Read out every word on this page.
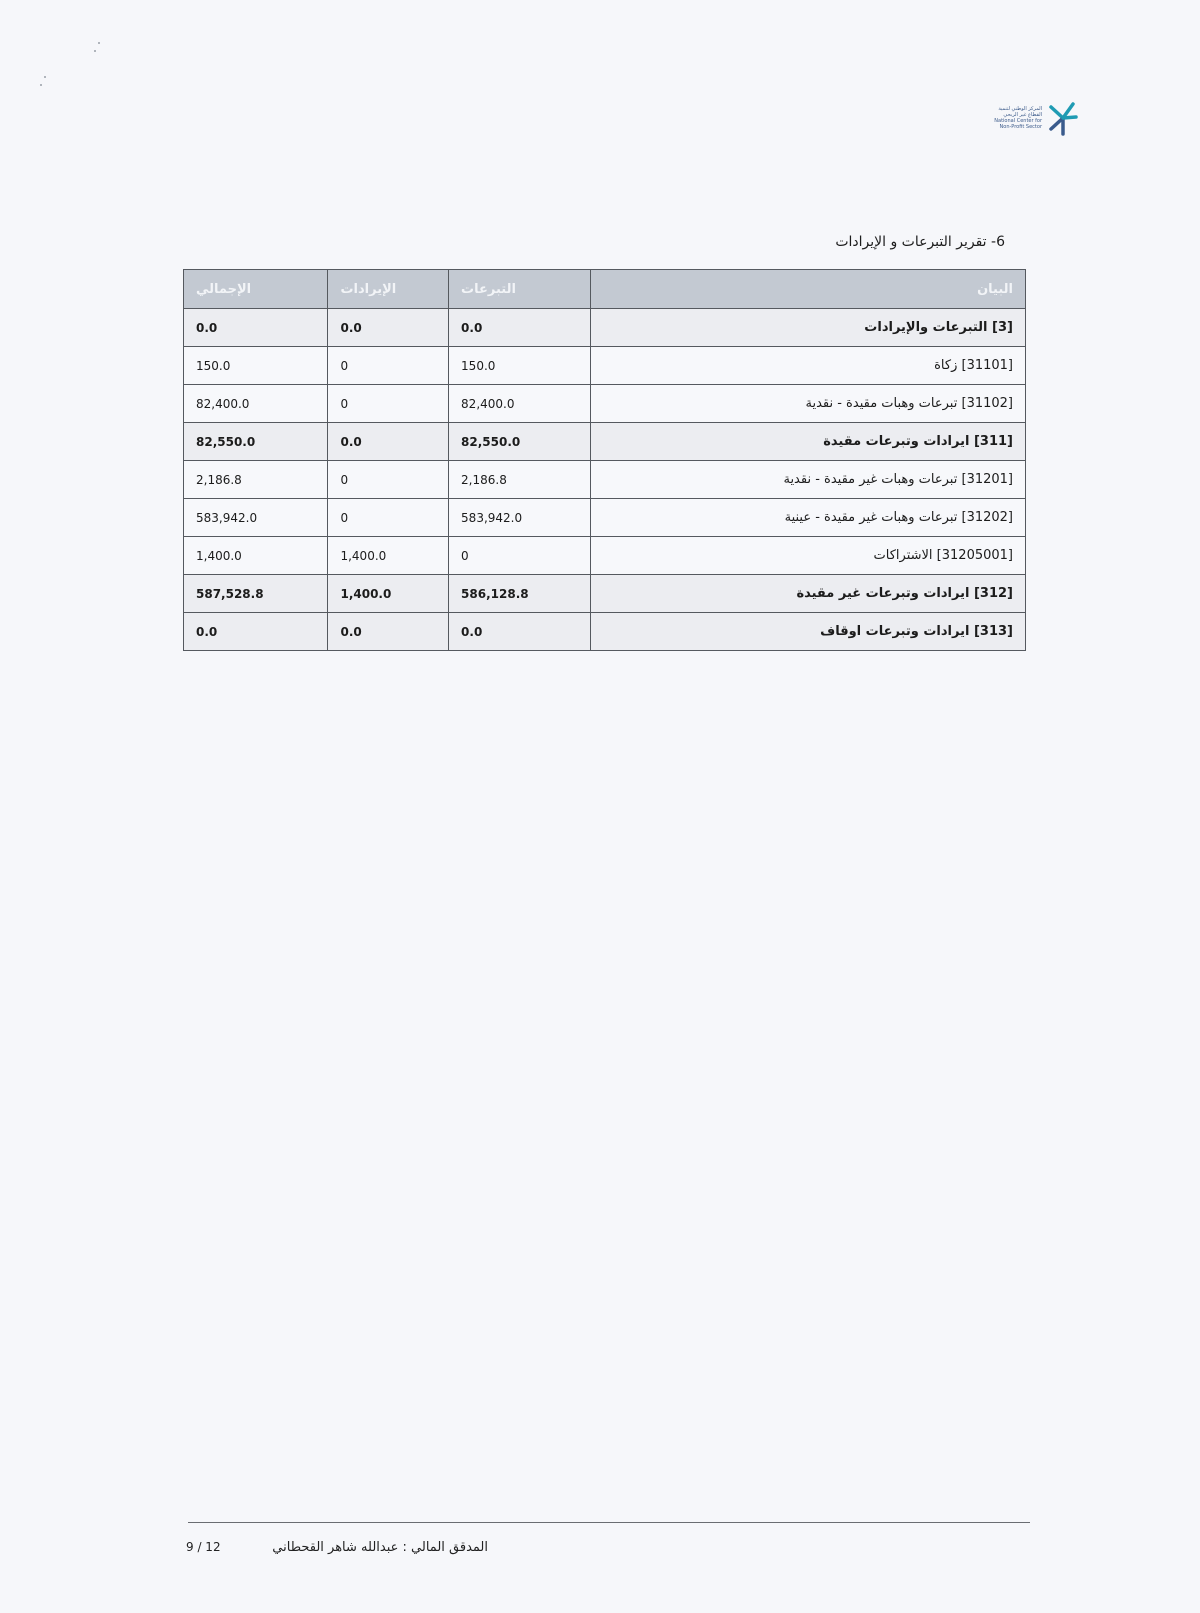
المركز الوطني لتنمية
القطاع غير الربحي
National Center for
Non-Profit Sector
6- تقرير التبرعات و الإيرادات
البيان	التبرعات	الإيرادات	الإجمالي
[3] التبرعات والإيرادات	0.0	0.0	0.0
[31101] زكاة	150.0	0	150.0
[31102] تبرعات وهبات مقيدة - نقدية	82,400.0	0	82,400.0
[311] ايرادات وتبرعات مقيدة	82,550.0	0.0	82,550.0
[31201] تبرعات وهبات غير مقيدة - نقدية	2,186.8	0	2,186.8
[31202] تبرعات وهبات غير مقيدة - عينية	583,942.0	0	583,942.0
[31205001] الاشتراكات	0	1,400.0	1,400.0
[312] ايرادات وتبرعات غير مقيدة	586,128.8	1,400.0	587,528.8
[313] ايرادات وتبرعات اوقاف	0.0	0.0	0.0
المدقق المالي : عبدالله شاهر القحطاني
9 / 12
